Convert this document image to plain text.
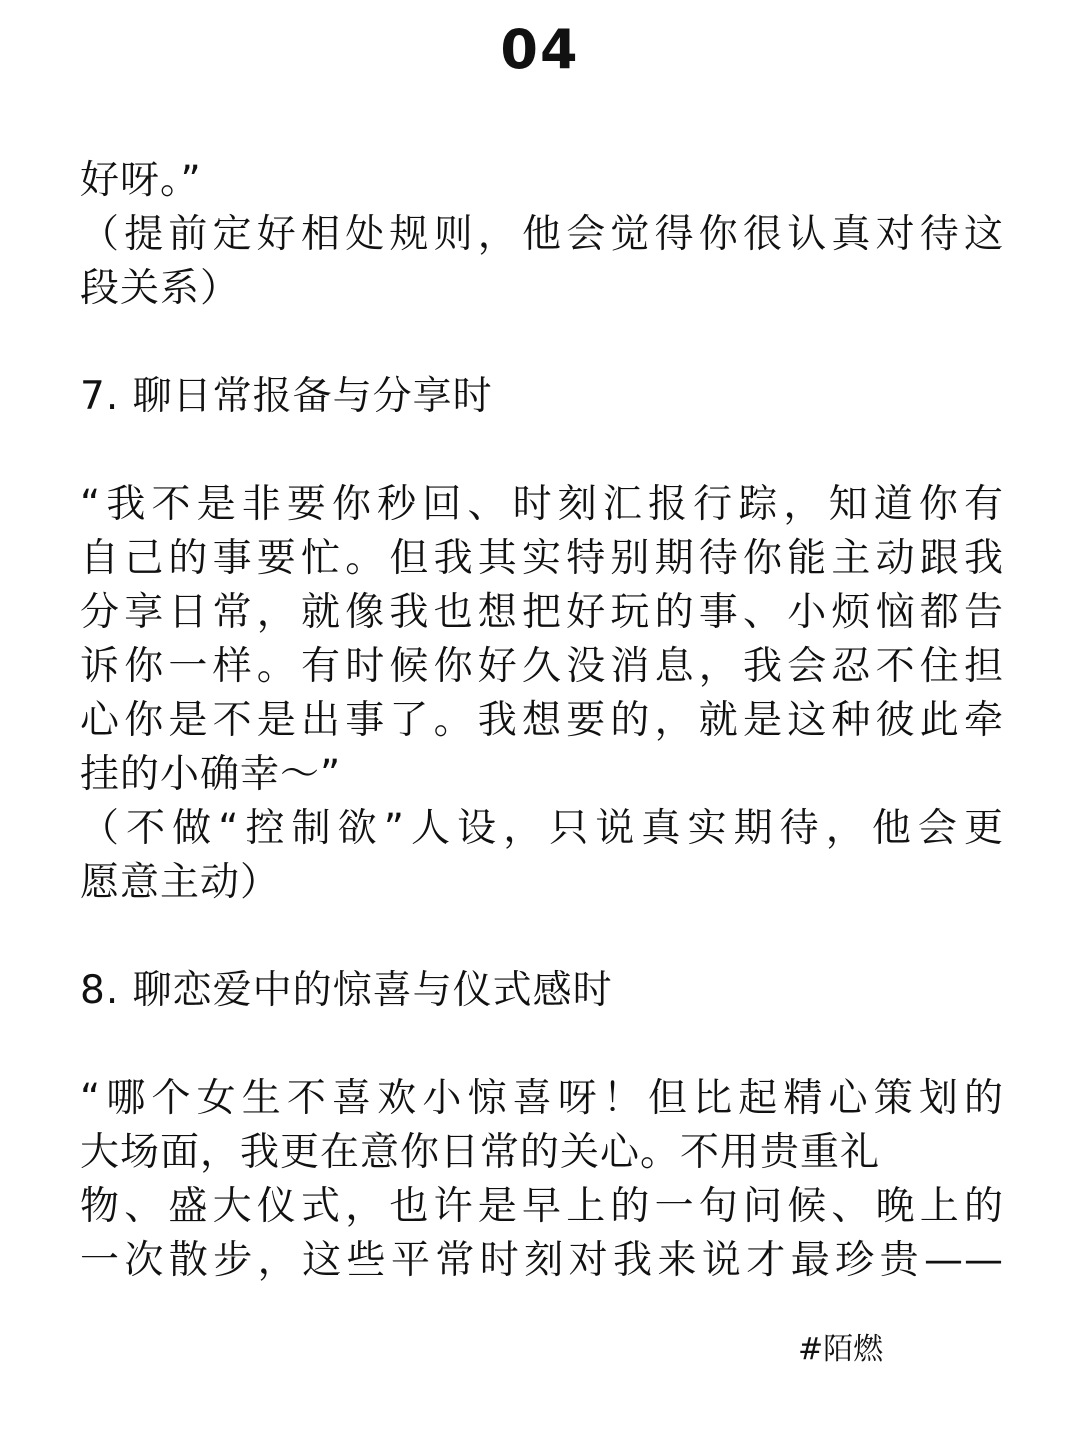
04
好呀。”
（提前定好相处规则，他会觉得你很认真对待这
段关系）
7. 聊日常报备与分享时
“我不是非要你秒回、时刻汇报行踪，知道你有
自己的事要忙。但我其实特别期待你能主动跟我
分享日常，就像我也想把好玩的事、小烦恼都告
诉你一样。有时候你好久没消息，我会忍不住担
心你是不是出事了。我想要的，就是这种彼此牵
挂的小确幸～”
（不做“控制欲”人设，只说真实期待，他会更
愿意主动）
8. 聊恋爱中的惊喜与仪式感时
“哪个女生不喜欢小惊喜呀！但比起精心策划的
大场面，我更在意你日常的关心。不用贵重礼
物、盛大仪式，也许是早上的一句问候、晚上的
一次散步，这些平常时刻对我来说才最珍贵——
#陌燃
